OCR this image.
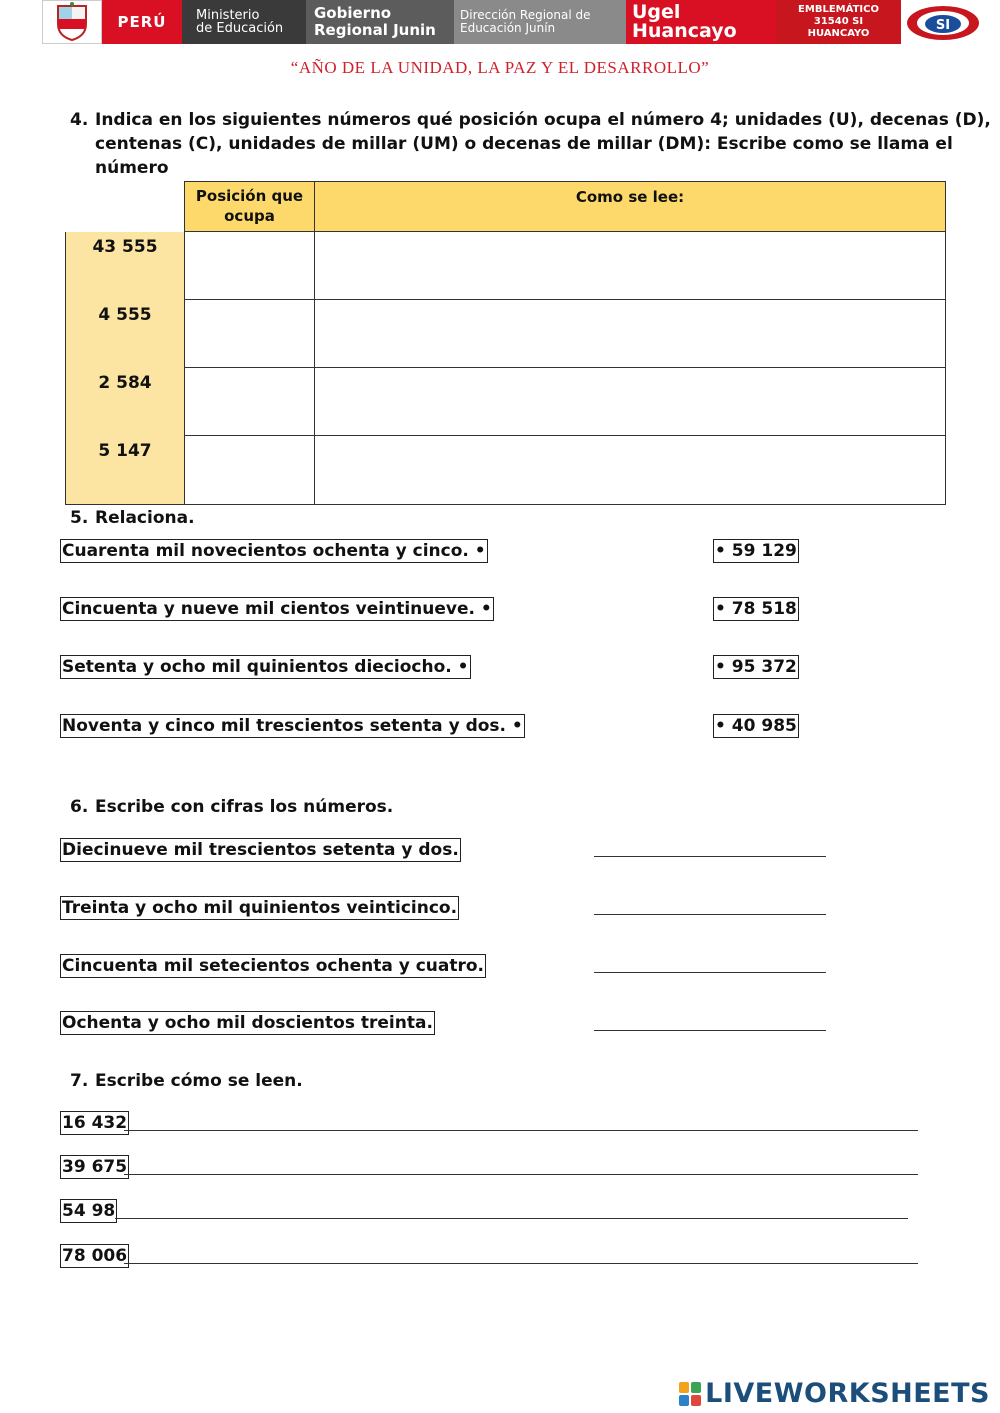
PERÚ Ministerio
de Educación
Gobierno
Regional Junin
Dirección Regional de
Educación Junín
Ugel
Huancayo
EMBLEMÁTICO
31540 SI
HUANCAYO
SI
“AÑO DE LA UNIDAD, LA PAZ Y EL DESARROLLO”
4. Indica en los siguientes números qué posición ocupa el número 4; unidades (U), decenas (D),
centenas (C), unidades de millar (UM) o decenas de millar (DM): Escribe como se llama el
número
Posición que
ocupa
Como se lee:
43 555
4 555
2 584
5 147
5. Relaciona.
Cuarenta mil novecientos ochenta y cinco. •
Cincuenta y nueve mil cientos veintinueve. •
Setenta y ocho mil quinientos dieciocho. •
Noventa y cinco mil trescientos setenta y dos. •
• 59 129
• 78 518
• 95 372
• 40 985
6. Escribe con cifras los números.
Diecinueve mil trescientos setenta y dos.
Treinta y ocho mil quinientos veinticinco.
Cincuenta mil setecientos ochenta y cuatro.
Ochenta y ocho mil doscientos treinta.
7. Escribe cómo se leen.
16 432
39 675
54 98
78 006
LIVEWORKSHEETS
